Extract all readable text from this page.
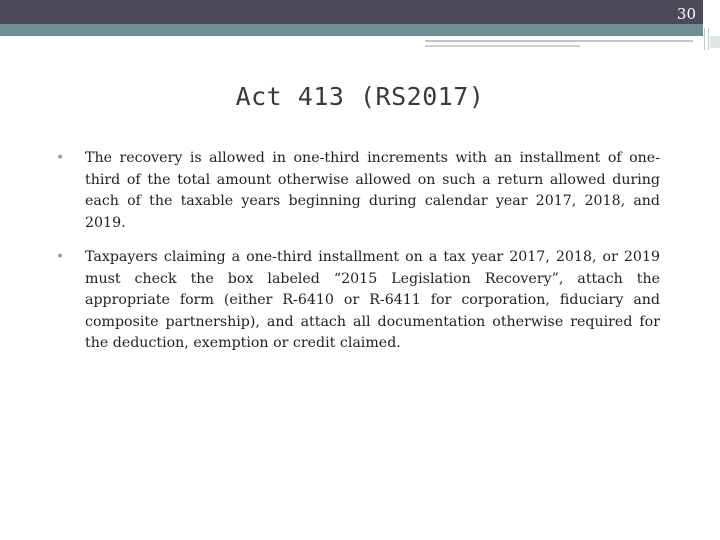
30
Act 413 (RS2017)
• The recovery is allowed in one-third increments with an installment of one-third of the total amount otherwise allowed on such a return allowed during each of the taxable years beginning during calendar year 2017, 2018, and 2019.
• Taxpayers claiming a one-third installment on a tax year 2017, 2018, or 2019 must check the box labeled “2015 Legislation Recovery”, attach the appropriate form (either R-6410 or R-6411 for corporation, fiduciary and composite partnership), and attach all documentation otherwise required for the deduction, exemption or credit claimed.
